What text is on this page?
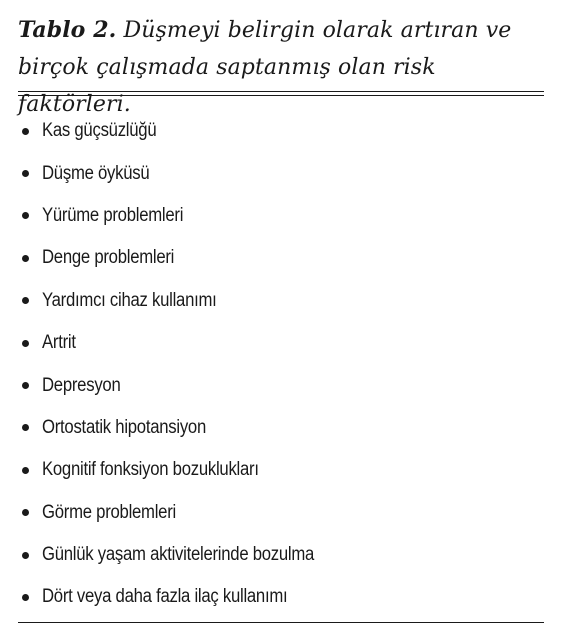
Tablo 2. Düşmeyi belirgin olarak artıran ve birçok çalışmada saptanmış olan risk faktörleri.
Kas güçsüzlüğü
Düşme öyküsü
Yürüme problemleri
Denge problemleri
Yardımcı cihaz kullanımı
Artrit
Depresyon
Ortostatik hipotansiyon
Kognitif fonksiyon bozuklukları
Görme problemleri
Günlük yaşam aktivitelerinde bozulma
Dört veya daha fazla ilaç kullanımı
